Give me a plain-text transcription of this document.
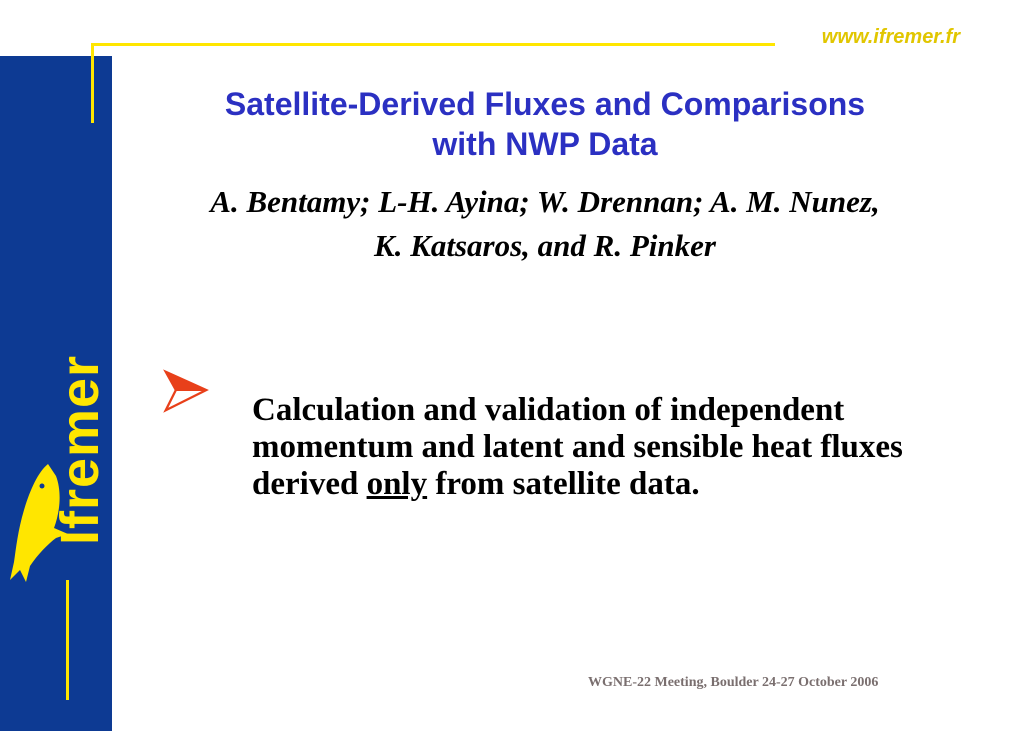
Ifremer
www.ifremer.fr
Satellite-Derived Fluxes and Comparisons
with NWP Data
A. Bentamy; L-H. Ayina; W. Drennan; A. M. Nunez,
K. Katsaros, and R. Pinker
Calculation and validation of independent momentum and latent and sensible heat fluxes derived only from satellite data.
WGNE-22 Meeting, Boulder 24-27 October 2006
